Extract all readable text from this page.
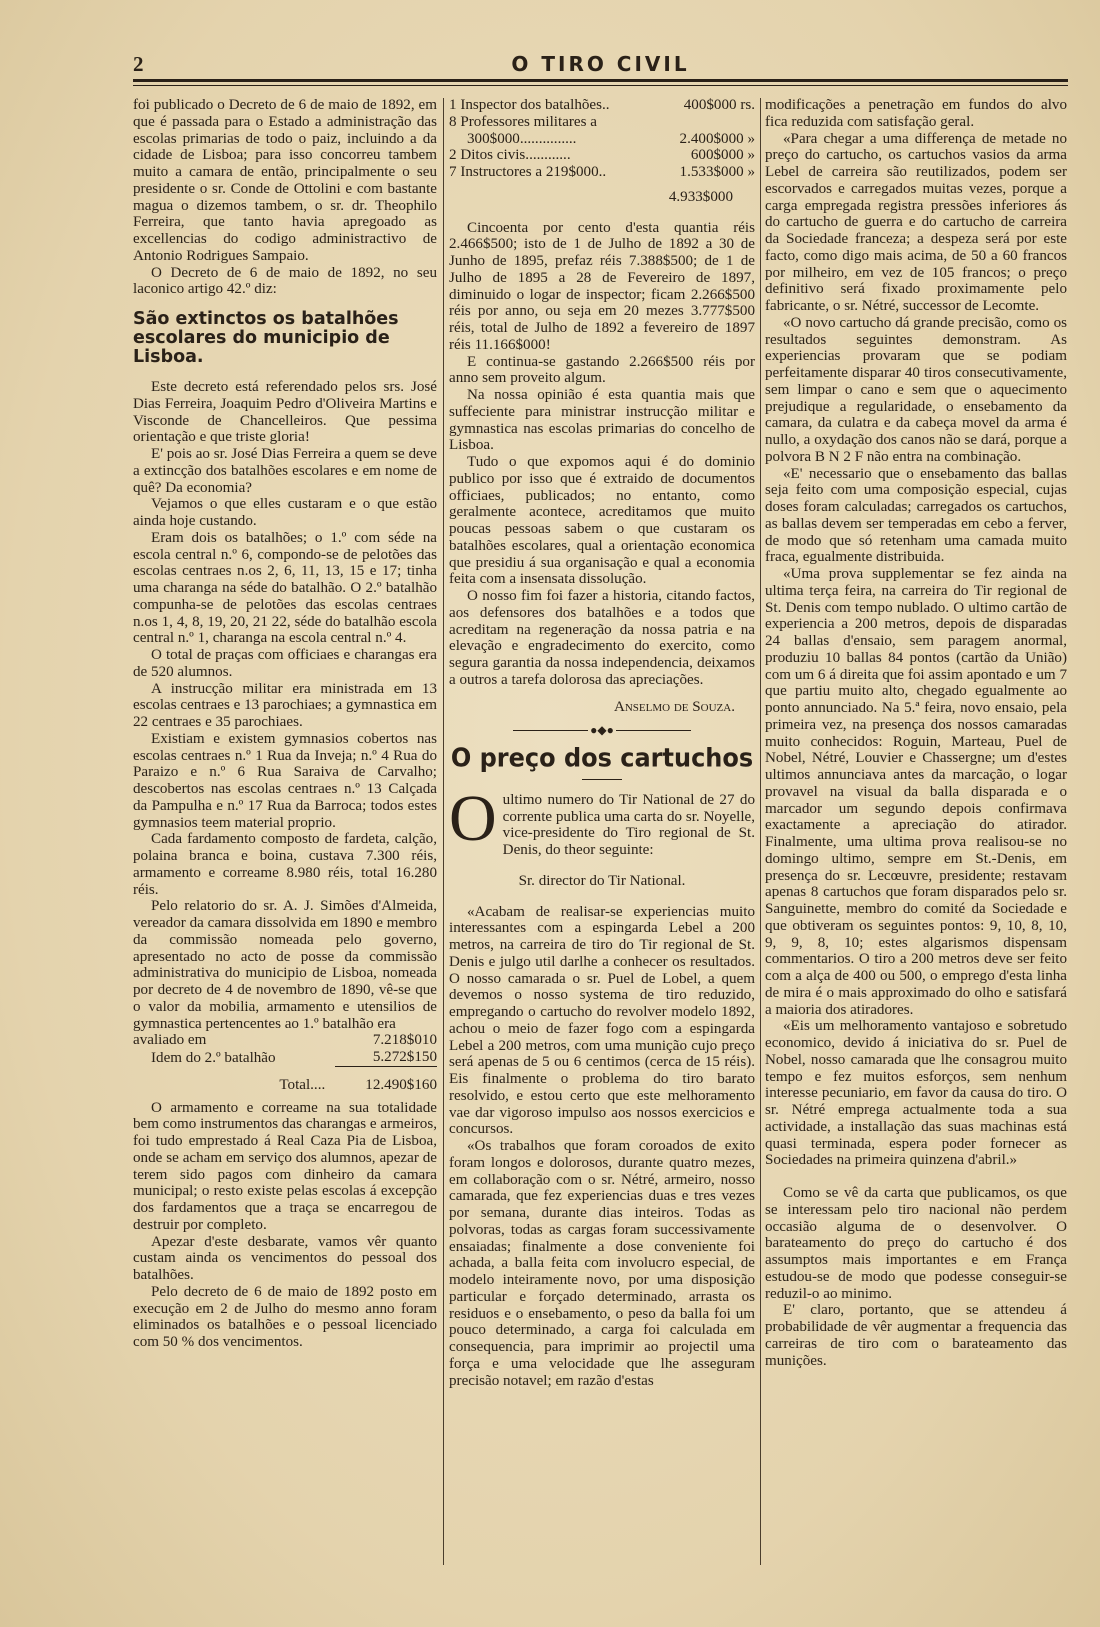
2	O TIRO CIVIL

foi publicado o Decreto de 6 de maio de 1892, em que é passada para o Estado a administração das escolas primarias de todo o paiz, incluindo a da cidade de Lisboa; para isso concorreu tambem muito a camara de então, principalmente o seu presidente o sr. Conde de Ottolini e com bastante magua o dizemos tambem, o sr. dr. Theophilo Ferreira, que tanto havia apregoado as excellencias do codigo administractivo de Antonio Rodrigues Sampaio.

O Decreto de 6 de maio de 1892, no seu laconico artigo 42.º diz:

São extinctos os batalhões escolares do municipio de Lisboa.

Este decreto está referendado pelos srs. José Dias Ferreira, Joaquim Pedro d'Oliveira Martins e Visconde de Chancelleiros. Que pessima orientação e que triste gloria!

E' pois ao sr. José Dias Ferreira a quem se deve a extincção dos batalhões escolares e em nome de quê? Da economia?

Vejamos o que elles custaram e o que estão ainda hoje custando.

Eram dois os batalhões; o 1.º com séde na escola central n.º 6, compondo-se de pelotões das escolas centraes n.os 2, 6, 11, 13, 15 e 17; tinha uma charanga na séde do batalhão. O 2.º batalhão compunha-se de pelotões das escolas centraes n.os 1, 4, 8, 19, 20, 21 22, séde do batalhão escola central n.º 1, charanga na escola central n.º 4.

O total de praças com officiaes e charangas era de 520 alumnos.

A instrucção militar era ministrada em 13 escolas centraes e 13 parochiaes; a gymnastica em 22 centraes e 35 parochiaes.

Existiam e existem gymnasios cobertos nas escolas centraes n.º 1 Rua da Inveja; n.º 4 Rua do Paraizo e n.º 6 Rua Saraiva de Carvalho; descobertos nas escolas centraes n.º 13 Calçada da Pampulha e n.º 17 Rua da Barroca; todos estes gymnasios teem material proprio.

Cada fardamento composto de fardeta, calção, polaina branca e boina, custava 7.300 réis, armamento e correame 8.980 réis, total 16.280 réis.

Pelo relatorio do sr. A. J. Simões d'Almeida, vereador da camara dissolvida em 1890 e membro da commissão nomeada pelo governo, apresentado no acto de posse da commissão administrativa do municipio de Lisboa, nomeada por decreto de 4 de novembro de 1890, vê-se que o valor da mobilia, armamento e utensilios de gymnastica pertencentes ao 1.º batalhão era

avaliado em	7.218$010
Idem do 2.º batalhão	5.272$150
Total....	12.490$160

O armamento e correame na sua totalidade bem como instrumentos das charangas e armeiros, foi tudo emprestado á Real Caza Pia de Lisboa, onde se acham em serviço dos alumnos, apezar de terem sido pagos com dinheiro da camara municipal; o resto existe pelas escolas á excepção dos fardamentos que a traça se encarregou de destruir por completo.

Apezar d'este desbarate, vamos vêr quanto custam ainda os vencimentos do pessoal dos batalhões.

Pelo decreto de 6 de maio de 1892 posto em execução em 2 de Julho do mesmo anno foram eliminados os batalhões e o pessoal licenciado com 50 % dos vencimentos.

1 Inspector dos batalhões..	400$000 rs.
8 Professores militares a	
300$000...............	2.400$000 »
2 Ditos civis............	600$000 »
7 Instructores a 219$000..	1.533$000 »
	4.933$000

Cincoenta por cento d'esta quantia réis 2.466$500; isto de 1 de Julho de 1892 a 30 de Junho de 1895, prefaz réis 7.388$500; de 1 de Julho de 1895 a 28 de Fevereiro de 1897, diminuido o logar de inspector; ficam 2.266$500 réis por anno, ou seja em 20 mezes 3.777$500 réis, total de Julho de 1892 a fevereiro de 1897 réis 11.166$000!

E continua-se gastando 2.266$500 réis por anno sem proveito algum.

Na nossa opinião é esta quantia mais que suffeciente para ministrar instrucção militar e gymnastica nas escolas primarias do concelho de Lisboa.

Tudo o que expomos aqui é do dominio publico por isso que é extraido de documentos officiaes, publicados; no entanto, como geralmente acontece, acreditamos que muito poucas pessoas sabem o que custaram os batalhões escolares, qual a orientação economica que presidiu á sua organisação e qual a economia feita com a insensata dissolução.

O nosso fim foi fazer a historia, citando factos, aos defensores dos batalhões e a todos que acreditam na regeneração da nossa patria e na elevação e engradecimento do exercito, como segura garantia da nossa independencia, deixamos a outros a tarefa dolorosa das apreciações.

Anselmo de Souza.
●◆●
O preço dos cartuchos
O ultimo numero do Tir National de 27 do corrente publica uma carta do sr. Noyelle, vice-presidente do Tiro regional de St. Denis, do theor seguinte:

Sr. director do Tir National.

«Acabam de realisar-se experiencias muito interessantes com a espingarda Lebel a 200 metros, na carreira de tiro do Tir regional de St. Denis e julgo util darlhe a conhecer os resultados. O nosso camarada o sr. Puel de Lobel, a quem devemos o nosso systema de tiro reduzido, empregando o cartucho do revolver modelo 1892, achou o meio de fazer fogo com a espingarda Lebel a 200 metros, com uma munição cujo preço será apenas de 5 ou 6 centimos (cerca de 15 réis). Eis finalmente o problema do tiro barato resolvido, e estou certo que este melhoramento vae dar vigoroso impulso aos nossos exercicios e concursos.

«Os trabalhos que foram coroados de exito foram longos e dolorosos, durante quatro mezes, em collaboração com o sr. Nétré, armeiro, nosso camarada, que fez experiencias duas e tres vezes por semana, durante dias inteiros. Todas as polvoras, todas as cargas foram successivamente ensaiadas; finalmente a dose conveniente foi achada, a balla feita com involucro especial, de modelo inteiramente novo, por uma disposição particular e forçado determinado, arrasta os residuos e o ensebamento, o peso da balla foi um pouco determinado, a carga foi calculada em consequencia, para imprimir ao projectil uma força e uma velocidade que lhe asseguram precisão notavel; em razão d'estas

modificações a penetração em fundos do alvo fica reduzida com satisfação geral.

«Para chegar a uma differença de metade no preço do cartucho, os cartuchos vasios da arma Lebel de carreira são reutilizados, podem ser escorvados e carregados muitas vezes, porque a carga empregada registra pressões inferiores ás do cartucho de guerra e do cartucho de carreira da Sociedade franceza; a despeza será por este facto, como digo mais acima, de 50 a 60 francos por milheiro, em vez de 105 francos; o preço definitivo será fixado proximamente pelo fabricante, o sr. Nétré, successor de Lecomte.

«O novo cartucho dá grande precisão, como os resultados seguintes demonstram. As experiencias provaram que se podiam perfeitamente disparar 40 tiros consecutivamente, sem limpar o cano e sem que o aquecimento prejudique a regularidade, o ensebamento da camara, da culatra e da cabeça movel da arma é nullo, a oxydação dos canos não se dará, porque a polvora B N 2 F não entra na combinação.

«E' necessario que o ensebamento das ballas seja feito com uma composição especial, cujas doses foram calculadas; carregados os cartuchos, as ballas devem ser temperadas em cebo a ferver, de modo que só retenham uma camada muito fraca, egualmente distribuida.

«Uma prova supplementar se fez ainda na ultima terça feira, na carreira do Tir regional de St. Denis com tempo nublado. O ultimo cartão de experiencia a 200 metros, depois de disparadas 24 ballas d'ensaio, sem paragem anormal, produziu 10 ballas 84 pontos (cartão da União) com um 6 á direita que foi assim apontado e um 7 que partiu muito alto, chegado egualmente ao ponto annunciado. Na 5.ª feira, novo ensaio, pela primeira vez, na presença dos nossos camaradas muito conhecidos: Roguin, Marteau, Puel de Nobel, Nétré, Louvier e Chassergne; um d'estes ultimos annunciava antes da marcação, o logar provavel na visual da balla disparada e o marcador um segundo depois confirmava exactamente a apreciação do atirador. Finalmente, uma ultima prova realisou-se no domingo ultimo, sempre em St.-Denis, em presença do sr. Lecœuvre, presidente; restavam apenas 8 cartuchos que foram disparados pelo sr. Sanguinette, membro do comité da Sociedade e que obtiveram os seguintes pontos: 9, 10, 8, 10, 9, 9, 8, 10; estes algarismos dispensam commentarios. O tiro a 200 metros deve ser feito com a alça de 400 ou 500, o emprego d'esta linha de mira é o mais approximado do olho e satisfará a maioria dos atiradores.

«Eis um melhoramento vantajoso e sobretudo economico, devido á iniciativa do sr. Puel de Nobel, nosso camarada que lhe consagrou muito tempo e fez muitos esforços, sem nenhum interesse pecuniario, em favor da causa do tiro. O sr. Nétré emprega actualmente toda a sua actividade, a installação das suas machinas está quasi terminada, espera poder fornecer as Sociedades na primeira quinzena d'abril.»

Como se vê da carta que publicamos, os que se interessam pelo tiro nacional não perdem occasião alguma de o desenvolver. O barateamento do preço do cartucho é dos assumptos mais importantes e em França estudou-se de modo que podesse conseguir-se reduzil-o ao minimo.

E' claro, portanto, que se attendeu á probabilidade de vêr augmentar a frequencia das carreiras de tiro com o barateamento das munições.
